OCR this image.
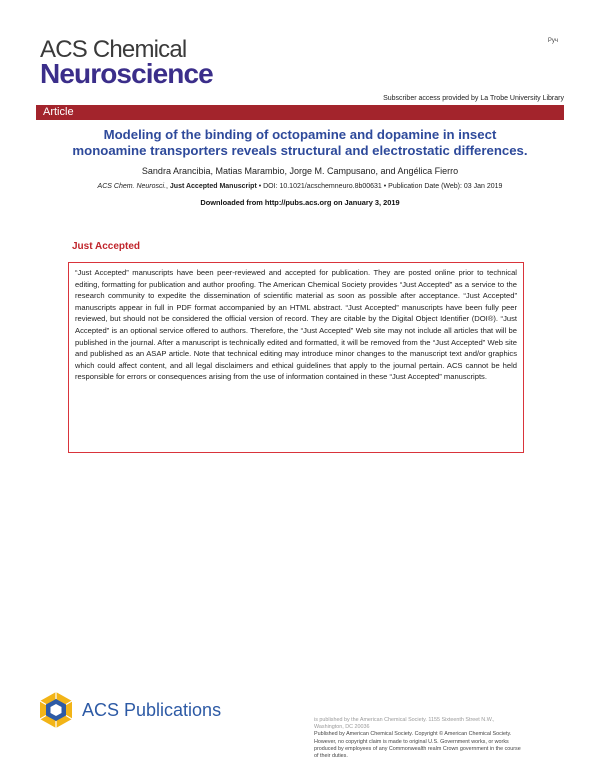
Руч
ACS Chemical
Neuroscience
Subscriber access provided by La Trobe University Library
Article
Modeling of the binding of octopamine and dopamine in insect
monoamine transporters reveals structural and electrostatic differences.
Sandra Arancibia, Matias Marambio, Jorge M. Campusano, and Angélica Fierro
ACS Chem. Neurosci., Just Accepted Manuscript • DOI: 10.1021/acschemneuro.8b00631 • Publication Date (Web): 03 Jan 2019
Downloaded from http://pubs.acs.org on January 3, 2019
Just Accepted

“Just Accepted” manuscripts have been peer-reviewed and accepted for publication. They are posted online prior to technical editing, formatting for publication and author proofing. The American Chemical Society provides “Just Accepted” as a service to the research community to expedite the dissemination of scientific material as soon as possible after acceptance. “Just Accepted” manuscripts appear in full in PDF format accompanied by an HTML abstract. “Just Accepted” manuscripts have been fully peer reviewed, but should not be considered the official version of record. They are citable by the Digital Object Identifier (DOI®). “Just Accepted” is an optional service offered to authors. Therefore, the “Just Accepted” Web site may not include all articles that will be published in the journal. After a manuscript is technically edited and formatted, it will be removed from the “Just Accepted” Web site and published as an ASAP article. Note that technical editing may introduce minor changes to the manuscript text and/or graphics which could affect content, and all legal disclaimers and ethical guidelines that apply to the journal pertain. ACS cannot be held responsible for errors or consequences arising from the use of information contained in these “Just Accepted” manuscripts.

ACS Publications	is published by the American Chemical Society. 1155 Sixteenth Street N.W.,
Washington, DC 20036
Published by American Chemical Society. Copyright © American Chemical Society.
However, no copyright claim is made to original U.S. Government works, or works
produced by employees of any Commonwealth realm Crown government in the course
of their duties.
